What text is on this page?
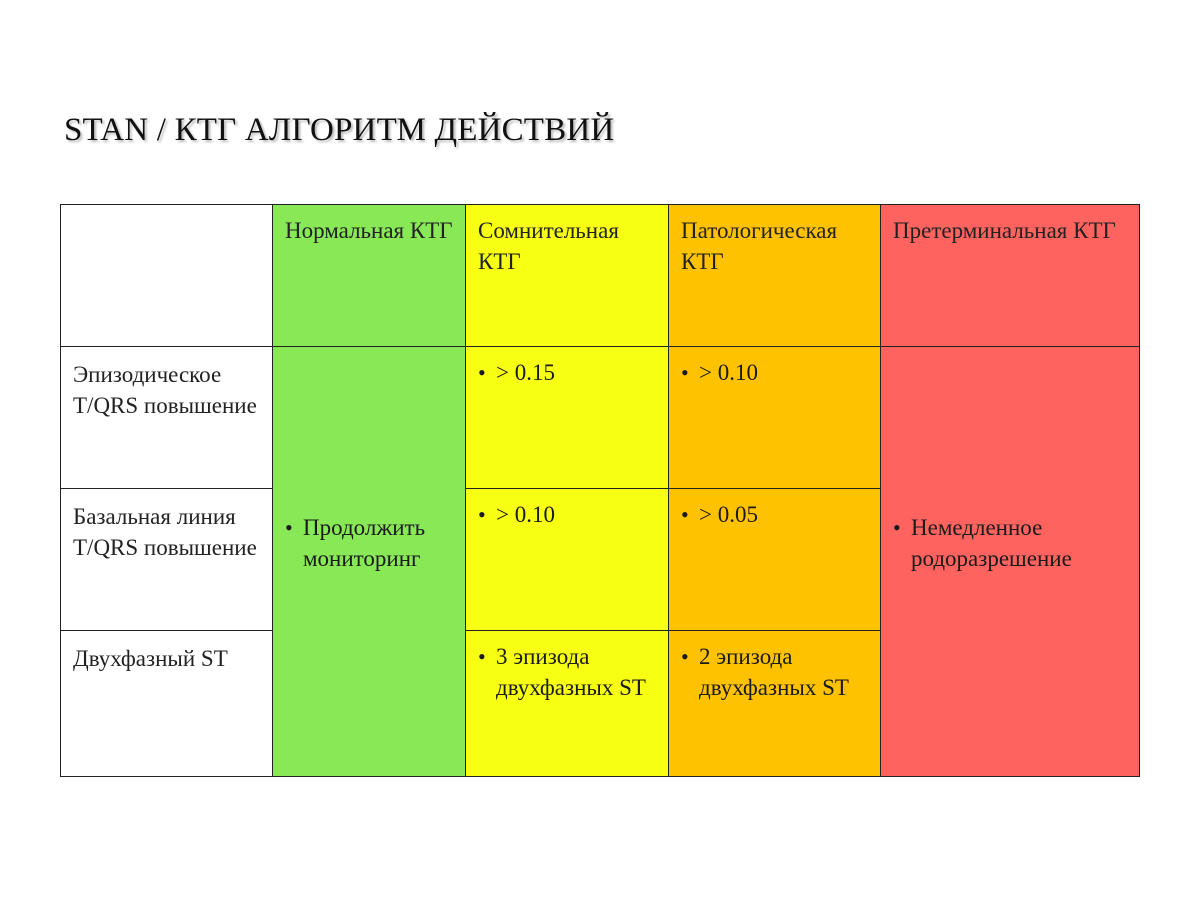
STAN / КТГ АЛГОРИТМ ДЕЙСТВИЙ

	Нормальная КТГ	Сомнительная КТГ	Патологическая КТГ	Претерминальная КТГ

Эпизодическое T/QRS повышение	• Продолжить мониторинг	• > 0.15	• > 0.10	• Немедленное родоразрешение

Базальная линия T/QRS повышение		• > 0.10	• > 0.05	

Двухфазный ST		• 3 эпизода двухфазных ST	• 2 эпизода двухфазных ST	
